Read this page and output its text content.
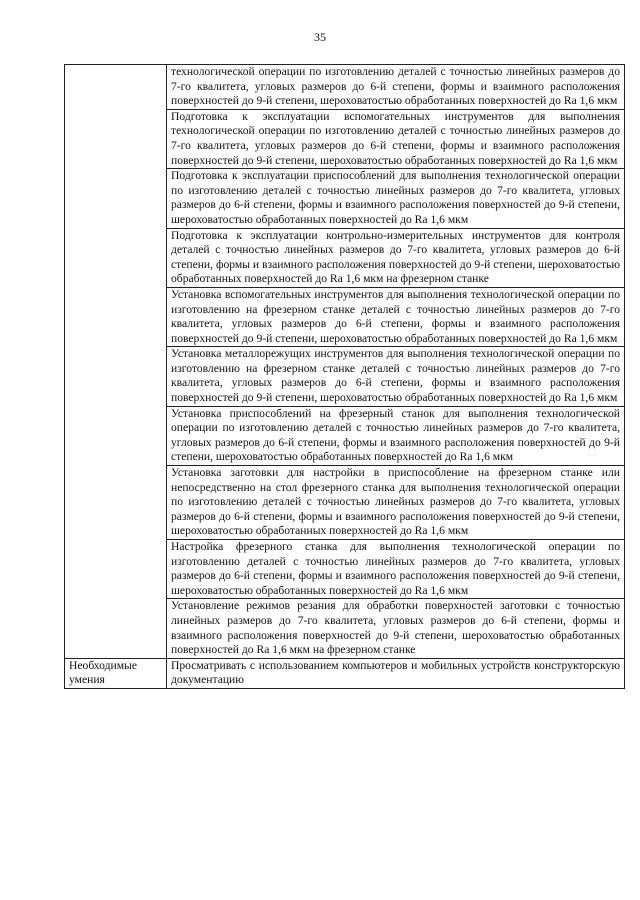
35
	технологической операции по изготовлению деталей с точностью линейных размеров до 7-го квалитета, угловых размеров до 6-й степени, формы и взаимного расположения поверхностей до 9-й степени, шероховатостью обработанных поверхностей до Ra 1,6 мкм
	Подготовка к эксплуатации вспомогательных инструментов для выполнения технологической операции по изготовлению деталей с точностью линейных размеров до 7-го квалитета, угловых размеров до 6-й степени, формы и взаимного расположения поверхностей до 9-й степени, шероховатостью обработанных поверхностей до Ra 1,6 мкм
	Подготовка к эксплуатации приспособлений для выполнения технологической операции по изготовлению деталей с точностью линейных размеров до 7-го квалитета, угловых размеров до 6-й степени, формы и взаимного расположения поверхностей до 9-й степени, шероховатостью обработанных поверхностей до Ra 1,6 мкм
	Подготовка к эксплуатации контрольно-измерительных инструментов для контроля деталей с точностью линейных размеров до 7-го квалитета, угловых размеров до 6-й степени, формы и взаимного расположения поверхностей до 9-й степени, шероховатостью обработанных поверхностей до Ra 1,6 мкм на фрезерном станке
	Установка вспомогательных инструментов для выполнения технологической операции по изготовлению на фрезерном станке деталей с точностью линейных размеров до 7-го квалитета, угловых размеров до 6-й степени, формы и взаимного расположения поверхностей до 9-й степени, шероховатостью обработанных поверхностей до Ra 1,6 мкм
	Установка металлорежущих инструментов для выполнения технологической операции по изготовлению на фрезерном станке деталей с точностью линейных размеров до 7-го квалитета, угловых размеров до 6-й степени, формы и взаимного расположения поверхностей до 9-й степени, шероховатостью обработанных поверхностей до Ra 1,6 мкм
	Установка приспособлений на фрезерный станок для выполнения технологической операции по изготовлению деталей с точностью линейных размеров до 7-го квалитета, угловых размеров до 6-й степени, формы и взаимного расположения поверхностей до 9-й степени, шероховатостью обработанных поверхностей до Ra 1,6 мкм
	Установка заготовки для настройки в приспособление на фрезерном станке или непосредственно на стол фрезерного станка для выполнения технологической операции по изготовлению деталей с точностью линейных размеров до 7-го квалитета, угловых размеров до 6-й степени, формы и взаимного расположения поверхностей до 9-й степени, шероховатостью обработанных поверхностей до Ra 1,6 мкм
	Настройка фрезерного станка для выполнения технологической операции по изготовлению деталей с точностью линейных размеров до 7-го квалитета, угловых размеров до 6-й степени, формы и взаимного расположения поверхностей до 9-й степени, шероховатостью обработанных поверхностей до Ra 1,6 мкм
	Установление режимов резания для обработки поверхностей заготовки с точностью линейных размеров до 7-го квалитета, угловых размеров до 6-й степени, формы и взаимного расположения поверхностей до 9-й степени, шероховатостью обработанных поверхностей до Ra 1,6 мкм на фрезерном станке
Необходимые умения	Просматривать с использованием компьютеров и мобильных устройств конструкторскую документацию
